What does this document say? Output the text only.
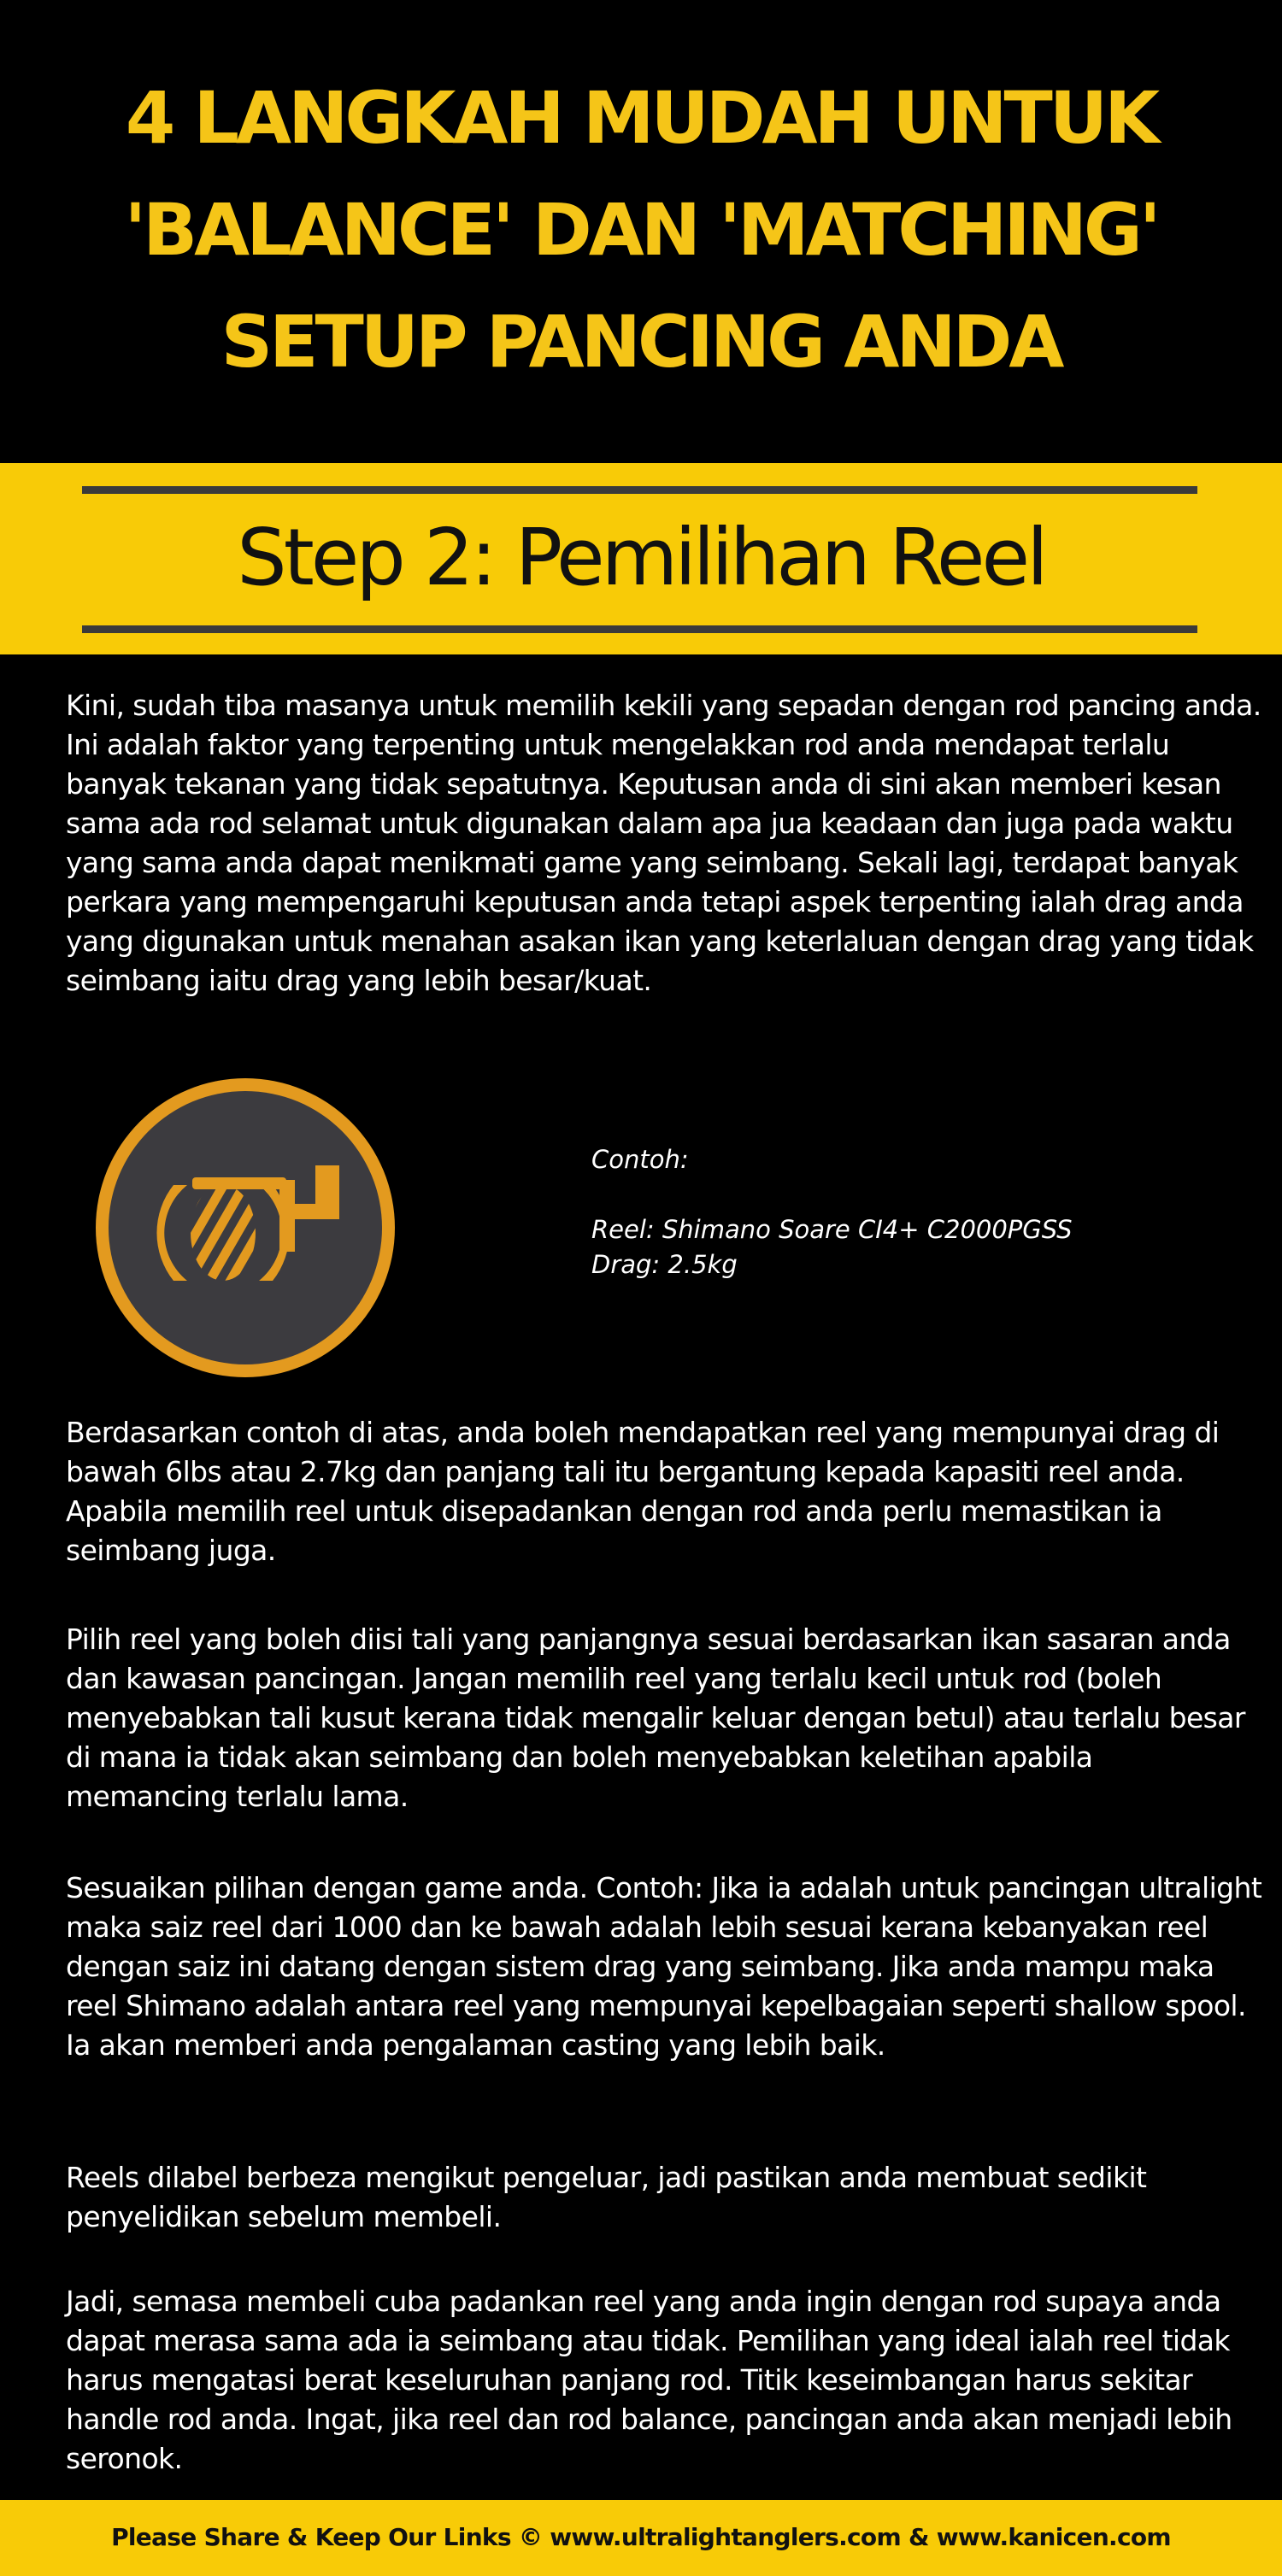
4 LANGKAH MUDAH UNTUK
'BALANCE' DAN 'MATCHING'
SETUP PANCING ANDA
Step 2: Pemilihan Reel

Kini, sudah tiba masanya untuk memilih kekili yang sepadan dengan rod pancing anda. Ini adalah faktor yang terpenting untuk mengelakkan rod anda mendapat terlalu banyak tekanan yang tidak sepatutnya. Keputusan anda di sini akan memberi kesan sama ada rod selamat untuk digunakan dalam apa jua keadaan dan juga pada waktu yang sama anda dapat menikmati game yang seimbang. Sekali lagi, terdapat banyak perkara yang mempengaruhi keputusan anda tetapi aspek terpenting ialah drag anda yang digunakan untuk menahan asakan ikan yang keterlaluan dengan drag yang tidak seimbang iaitu drag yang lebih besar/kuat.

Contoh:
Reel: Shimano Soare CI4+ C2000PGSS
Drag: 2.5kg

Berdasarkan contoh di atas, anda boleh mendapatkan reel yang mempunyai drag di bawah 6lbs atau 2.7kg dan panjang tali itu bergantung kepada kapasiti reel anda. Apabila memilih reel untuk disepadankan dengan rod anda perlu memastikan ia seimbang juga.

Pilih reel yang boleh diisi tali yang panjangnya sesuai berdasarkan ikan sasaran anda dan kawasan pancingan. Jangan memilih reel yang terlalu kecil untuk rod (boleh menyebabkan tali kusut kerana tidak mengalir keluar dengan betul) atau terlalu besar di mana ia tidak akan seimbang dan boleh menyebabkan keletihan apabila memancing terlalu lama.

Sesuaikan pilihan dengan game anda. Contoh: Jika ia adalah untuk pancingan ultralight maka saiz reel dari 1000 dan ke bawah adalah lebih sesuai kerana kebanyakan reel dengan saiz ini datang dengan sistem drag yang seimbang. Jika anda mampu maka reel Shimano adalah antara reel yang mempunyai kepelbagaian seperti shallow spool. Ia akan memberi anda pengalaman casting yang lebih baik.

Reels dilabel berbeza mengikut pengeluar, jadi pastikan anda membuat sedikit penyelidikan sebelum membeli.

Jadi, semasa membeli cuba padankan reel yang anda ingin dengan rod supaya anda dapat merasa sama ada ia seimbang atau tidak. Pemilihan yang ideal ialah reel tidak harus mengatasi berat keseluruhan panjang rod. Titik keseimbangan harus sekitar handle rod anda. Ingat, jika reel dan rod balance, pancingan anda akan menjadi lebih seronok.

Please Share & Keep Our Links © www.ultralightanglers.com & www.kanicen.com
